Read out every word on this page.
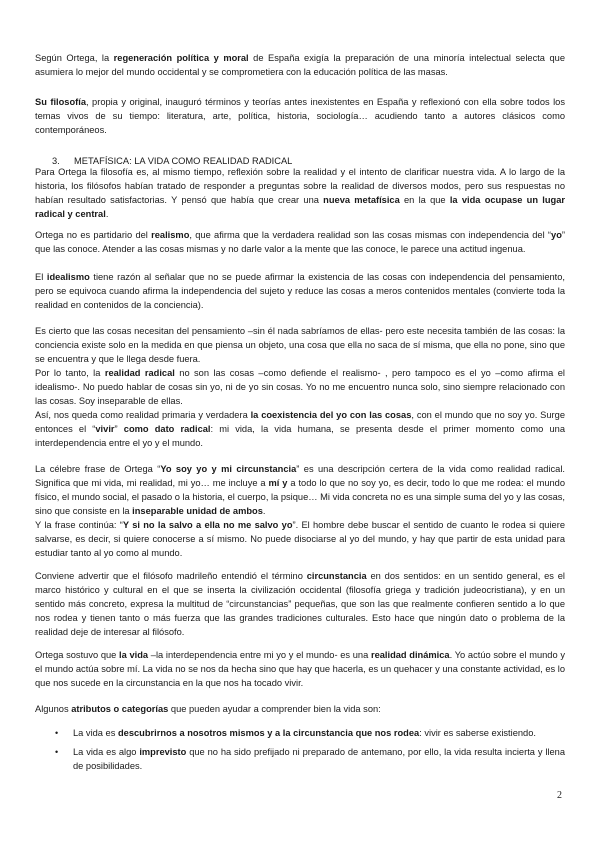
Según Ortega, la regeneración política y moral de España exigía la preparación de una minoría intelectual selecta que asumiera lo mejor del mundo occidental y se comprometiera con la educación política de las masas.

Su filosofía, propia y original, inauguró términos y teorías antes inexistentes en España y reflexionó con ella sobre todos los temas vivos de su tiempo: literatura, arte, política, historia, sociología… acudiendo tanto a autores clásicos como contemporáneos.

3. METAFÍSICA: LA VIDA COMO REALIDAD RADICAL

Para Ortega la filosofía es, al mismo tiempo, reflexión sobre la realidad y el intento de clarificar nuestra vida. A lo largo de la historia, los filósofos habían tratado de responder a preguntas sobre la realidad de diversos modos, pero sus respuestas no habían resultado satisfactorias. Y pensó que había que crear una nueva metafísica en la que la vida ocupase un lugar radical y central.

Ortega no es partidario del realismo, que afirma que la verdadera realidad son las cosas mismas con independencia del “yo” que las conoce. Atender a las cosas mismas y no darle valor a la mente que las conoce, le parece una actitud ingenua.

El idealismo tiene razón al señalar que no se puede afirmar la existencia de las cosas con independencia del pensamiento, pero se equivoca cuando afirma la independencia del sujeto y reduce las cosas a meros contenidos mentales (convierte toda la realidad en contenidos de la conciencia).

Es cierto que las cosas necesitan del pensamiento –sin él nada sabríamos de ellas- pero este necesita también de las cosas: la conciencia existe solo en la medida en que piensa un objeto, una cosa que ella no saca de sí misma, que ella no pone, sino que se encuentra y que le llega desde fuera.

Por lo tanto, la realidad radical no son las cosas –como defiende el realismo- , pero tampoco es el yo –como afirma el idealismo-. No puedo hablar de cosas sin yo, ni de yo sin cosas. Yo no me encuentro nunca solo, sino siempre relacionado con las cosas. Soy inseparable de ellas.

Así, nos queda como realidad primaria y verdadera la coexistencia del yo con las cosas, con el mundo que no soy yo. Surge entonces el “vivir” como dato radical: mi vida, la vida humana, se presenta desde el primer momento como una interdependencia entre el yo y el mundo.

La célebre frase de Ortega “Yo soy yo y mi circunstancia” es una descripción certera de la vida como realidad radical. Significa que mi vida, mi realidad, mi yo… me incluye a mí y a todo lo que no soy yo, es decir, todo lo que me rodea: el mundo físico, el mundo social, el pasado o la historia, el cuerpo, la psique… Mi vida concreta no es una simple suma del yo y las cosas, sino que consiste en la inseparable unidad de ambos.

Y la frase continúa: “Y si no la salvo a ella no me salvo yo”. El hombre debe buscar el sentido de cuanto le rodea si quiere salvarse, es decir, si quiere conocerse a sí mismo. No puede disociarse al yo del mundo, y hay que partir de esta unidad para estudiar tanto al yo como al mundo.

Conviene advertir que el filósofo madrileño entendió el término circunstancia en dos sentidos: en un sentido general, es el marco histórico y cultural en el que se inserta la civilización occidental (filosofía griega y tradición judeocristiana), y en un sentido más concreto, expresa la multitud de “circunstancias” pequeñas, que son las que realmente confieren sentido a lo que nos rodea y tienen tanto o más fuerza que las grandes tradiciones culturales. Esto hace que ningún dato o problema de la realidad deje de interesar al filósofo.

Ortega sostuvo que la vida –la interdependencia entre mi yo y el mundo- es una realidad dinámica. Yo actúo sobre el mundo y el mundo actúa sobre mí. La vida no se nos da hecha sino que hay que hacerla, es un quehacer y una constante actividad, es lo que nos sucede en la circunstancia en la que nos ha tocado vivir.

Algunos atributos o categorías que pueden ayudar a comprender bien la vida son:

• La vida es descubrirnos a nosotros mismos y a la circunstancia que nos rodea: vivir es saberse existiendo.
• La vida es algo imprevisto que no ha sido prefijado ni preparado de antemano, por ello, la vida resulta incierta y llena de posibilidades.
2
